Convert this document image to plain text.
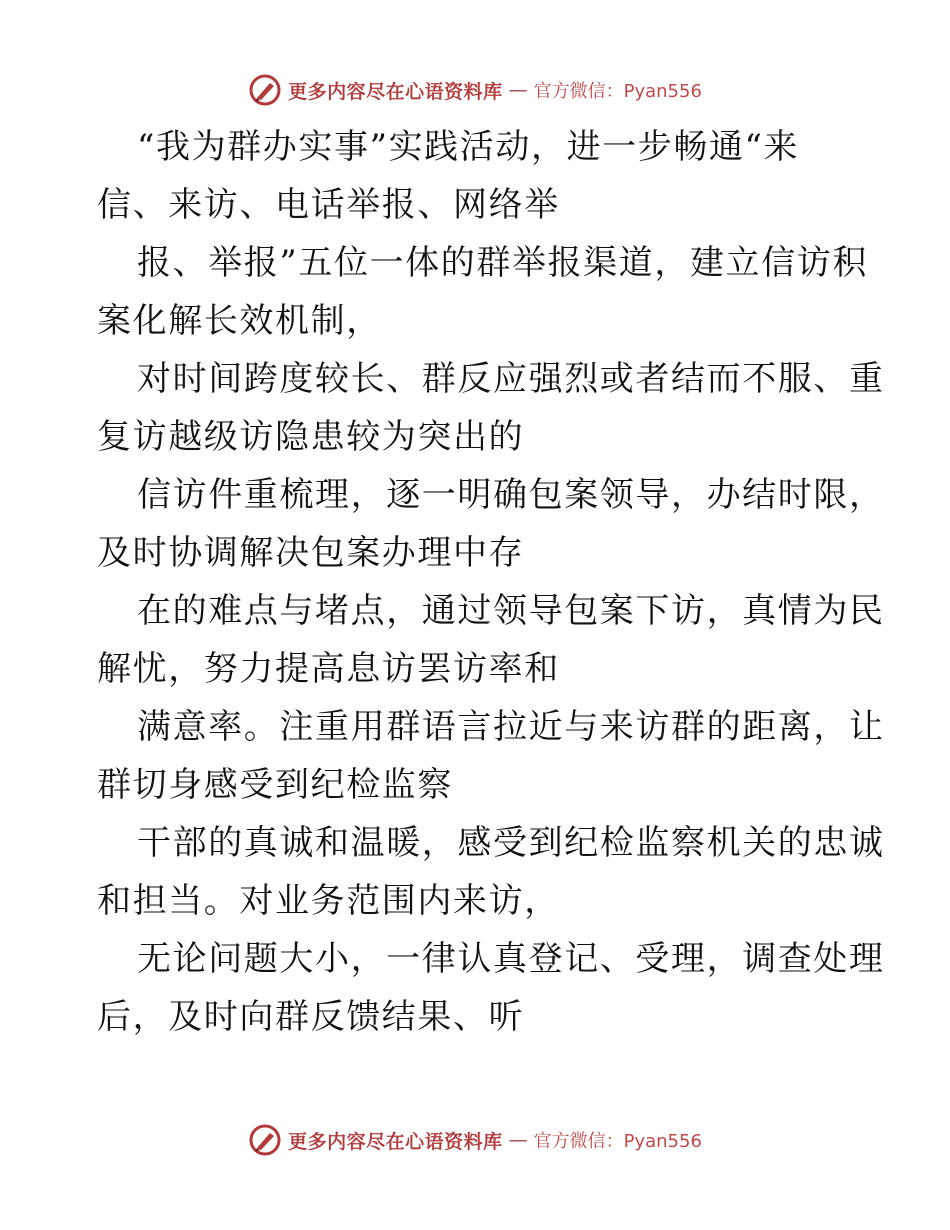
更多内容尽在心语资料库 — 官方微信：Pyan556
“我为群办实事”实践活动，进一步畅通“来
信、来访、电话举报、网络举
报、举报”五位一体的群举报渠道，建立信访积
案化解长效机制，
对时间跨度较长、群反应强烈或者结而不服、重
复访越级访隐患较为突出的
信访件重梳理，逐一明确包案领导，办结时限，
及时协调解决包案办理中存
在的难点与堵点，通过领导包案下访，真情为民
解忧，努力提高息访罢访率和
满意率。注重用群语言拉近与来访群的距离，让
群切身感受到纪检监察
干部的真诚和温暖，感受到纪检监察机关的忠诚
和担当。对业务范围内来访，
无论问题大小，一律认真登记、受理，调查处理
后，及时向群反馈结果、听
更多内容尽在心语资料库 — 官方微信：Pyan556
